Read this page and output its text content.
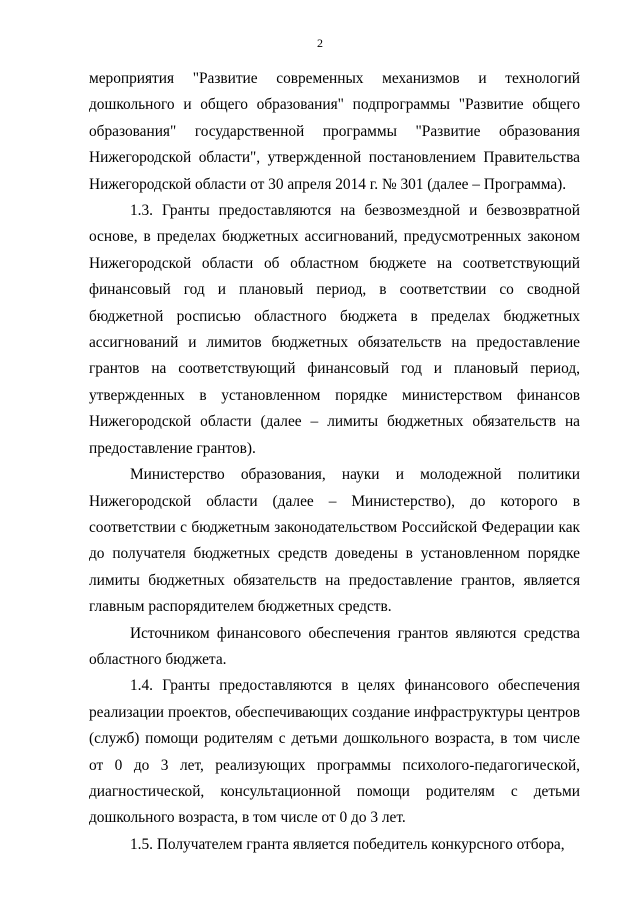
2

мероприятия "Развитие современных механизмов и технологий дошкольного и общего образования" подпрограммы "Развитие общего образования" государственной программы "Развитие образования Нижегородской области", утвержденной постановлением Правительства Нижегородской области от 30 апреля 2014 г. № 301 (далее – Программа).

1.3. Гранты предоставляются на безвозмездной и безвозвратной основе, в пределах бюджетных ассигнований, предусмотренных законом Нижегородской области об областном бюджете на соответствующий финансовый год и плановый период, в соответствии со сводной бюджетной росписью областного бюджета в пределах бюджетных ассигнований и лимитов бюджетных обязательств на предоставление грантов на соответствующий финансовый год и плановый период, утвержденных в установленном порядке министерством финансов Нижегородской области (далее – лимиты бюджетных обязательств на предоставление грантов).

Министерство образования, науки и молодежной политики Нижегородской области (далее – Министерство), до которого в соответствии с бюджетным законодательством Российской Федерации как до получателя бюджетных средств доведены в установленном порядке лимиты бюджетных обязательств на предоставление грантов, является главным распорядителем бюджетных средств.

Источником финансового обеспечения грантов являются средства областного бюджета.

1.4. Гранты предоставляются в целях финансового обеспечения реализации проектов, обеспечивающих создание инфраструктуры центров (служб) помощи родителям с детьми дошкольного возраста, в том числе от 0 до 3 лет, реализующих программы психолого-педагогической, диагностической, консультационной помощи родителям с детьми дошкольного возраста, в том числе от 0 до 3 лет.

1.5. Получателем гранта является победитель конкурсного отбора,
